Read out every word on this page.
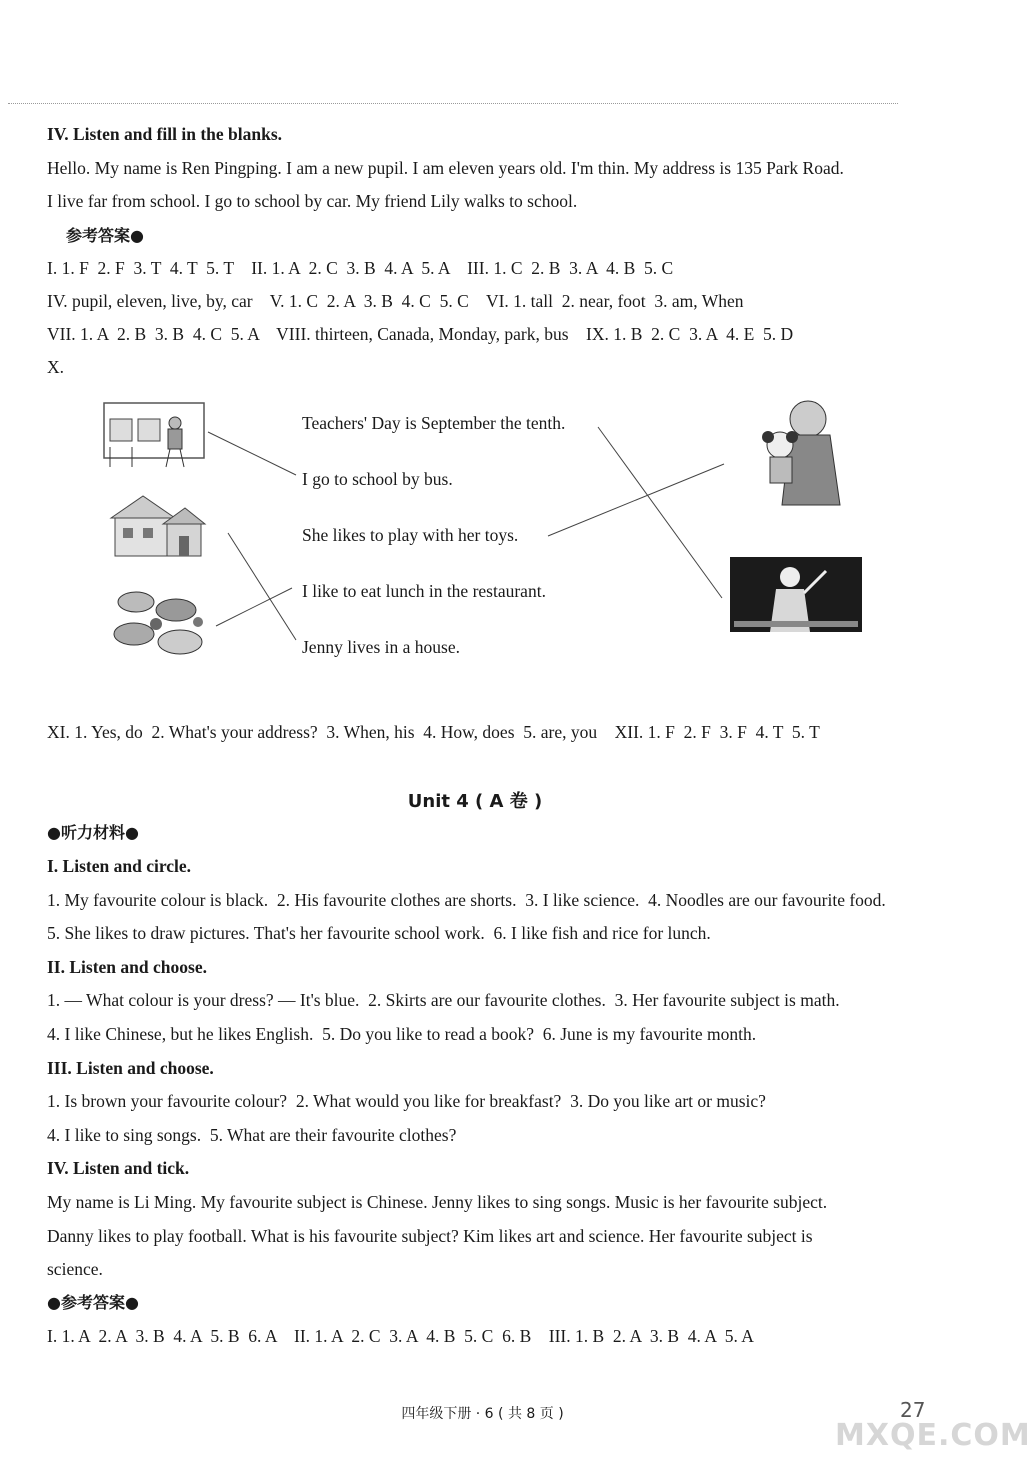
IV. Listen and fill in the blanks.
Hello. My name is Ren Pingping. I am a new pupil. I am eleven years old. I'm thin. My address is 135 Park Road.
I live far from school. I go to school by car. My friend Lily walks to school.
参考答案●
I. 1. F  2. F  3. T  4. T  5. T    II. 1. A  2. C  3. B  4. A  5. A    III. 1. C  2. B  3. A  4. B  5. C
IV. pupil, eleven, live, by, car    V. 1. C  2. A  3. B  4. C  5. C    VI. 1. tall  2. near, foot  3. am, When
VII. 1. A  2. B  3. B  4. C  5. A    VIII. thirteen, Canada, Monday, park, bus    IX. 1. B  2. C  3. A  4. E  5. D
X.
Teachers' Day is September the tenth.
I go to school by bus.
She likes to play with her toys.
I like to eat lunch in the restaurant.
Jenny lives in a house.
XI. 1. Yes, do  2. What's your address?  3. When, his  4. How, does  5. are, you    XII. 1. F  2. F  3. F  4. T  5. T
Unit 4 ( A 卷 )
●听力材料●
I. Listen and circle.
1. My favourite colour is black.  2. His favourite clothes are shorts.  3. I like science.  4. Noodles are our favourite food.
5. She likes to draw pictures. That's her favourite school work.  6. I like fish and rice for lunch.
II. Listen and choose.
1. — What colour is your dress? — It's blue.  2. Skirts are our favourite clothes.  3. Her favourite subject is math.
4. I like Chinese, but he likes English.  5. Do you like to read a book?  6. June is my favourite month.
III. Listen and choose.
1. Is brown your favourite colour?  2. What would you like for breakfast?  3. Do you like art or music?
4. I like to sing songs.  5. What are their favourite clothes?
IV. Listen and tick.
My name is Li Ming. My favourite subject is Chinese. Jenny likes to sing songs. Music is her favourite subject.
Danny likes to play football. What is his favourite subject? Kim likes art and science. Her favourite subject is
science.
●参考答案●
I. 1. A  2. A  3. B  4. A  5. B  6. A    II. 1. A  2. C  3. A  4. B  5. C  6. B    III. 1. B  2. A  3. B  4. A  5. A
四年级下册 · 6 ( 共 8 页 )	27
MXQE.COM
